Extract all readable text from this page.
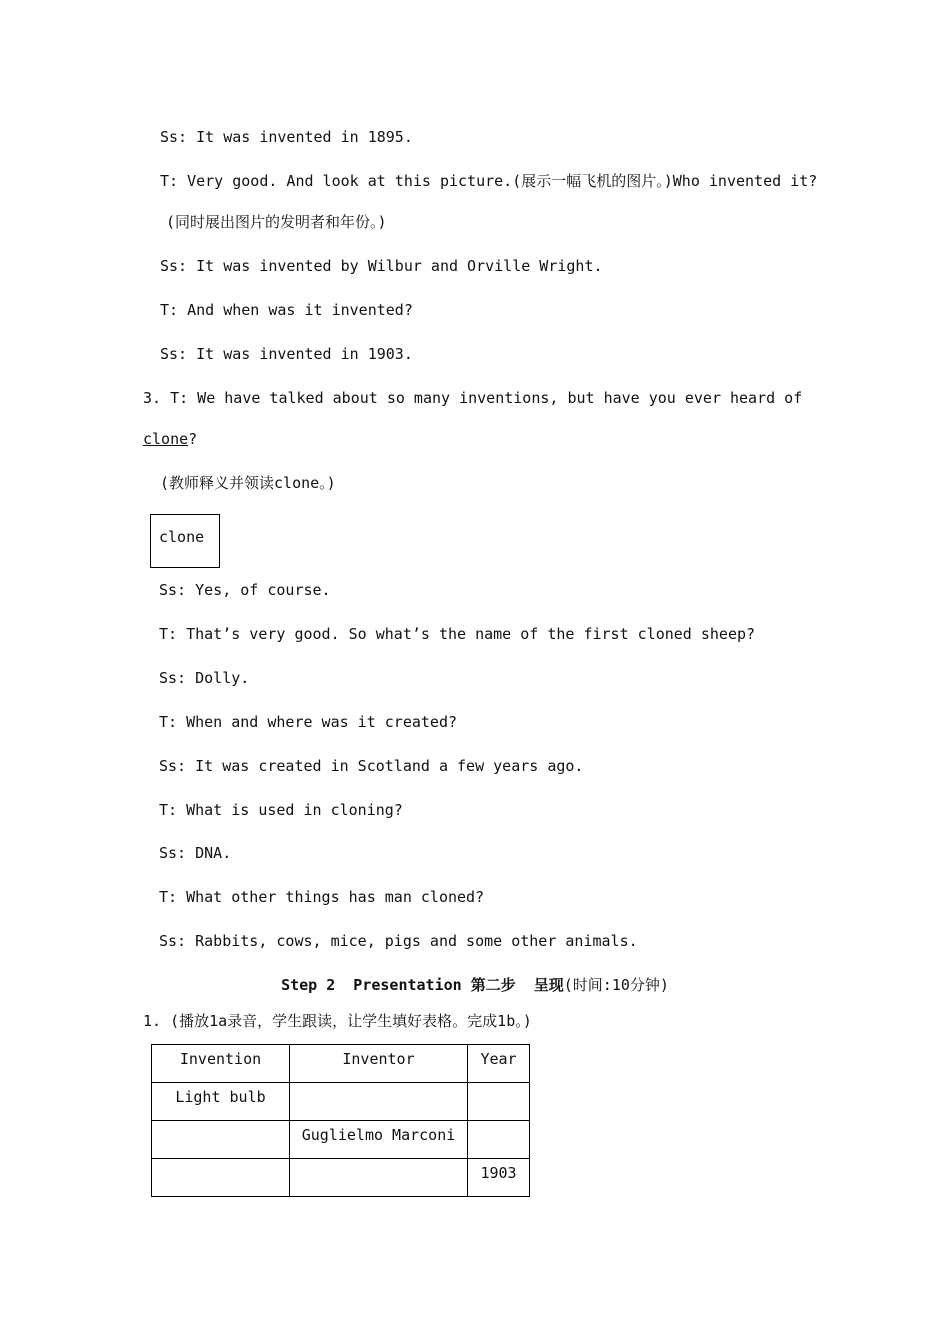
Ss: It was invented in 1895.
T: Very good. And look at this picture.(展示一幅飞机的图片。)Who invented it?
(同时展出图片的发明者和年份。)
Ss: It was invented by Wilbur and Orville Wright.
T: And when was it invented?
Ss: It was invented in 1903.
3. T: We have talked about so many inventions, but have you ever heard of
clone?
(教师释义并领读clone。)
clone
Ss: Yes, of course.
T: That’s very good. So what’s the name of the first cloned sheep?
Ss: Dolly.
T: When and where was it created?
Ss: It was created in Scotland a few years ago.
T: What is used in cloning?
Ss: DNA.
T: What other things has man cloned?
Ss: Rabbits, cows, mice, pigs and some other animals.
Step 2  Presentation 第二步  呈现(时间:10分钟)
1. (播放1a录音，学生跟读，让学生填好表格。完成1b。)
Invention	Inventor	Year

Light bulb		

	Guglielmo Marconi	

		1903
